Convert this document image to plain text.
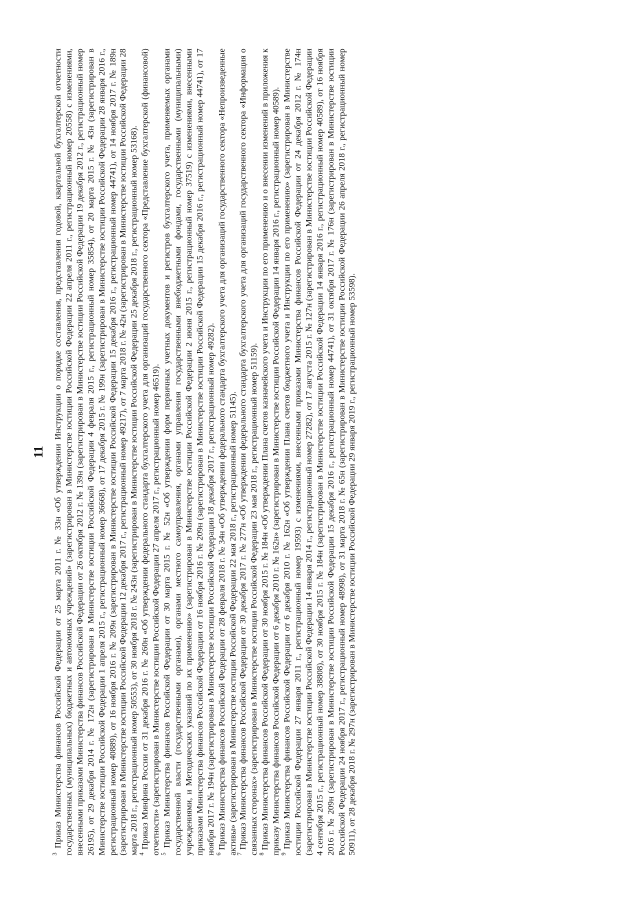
11

$^3$ Приказ Министерства финансов Российской Федерации от 25 марта 2011 г. № 33н «Об утверждении Инструкции о порядке составления, представления годовой, квартальной бухгалтерской отчетности государственных (муниципальных) бюджетных и автономных учреждений» (зарегистрирован в Министерстве юстиции Российской Федерации 22 апреля 2011 г., регистрационный номер 20558) с изменениями, внесенными приказами Министерства финансов Российской Федерации от 26 октября 2012 г. № 139н (зарегистрирован в Министерстве юстиции Российской Федерации 19 декабря 2012 г., регистрационный номер 26195), от 29 декабря 2014 г. № 172н (зарегистрирован в Министерстве юстиции Российской Федерации 4 февраля 2015 г., регистрационный номер 35854), от 20 марта 2015 г. № 43н (зарегистрирован в Министерстве юстиции Российской Федерации 1 апреля 2015 г., регистрационный номер 36668), от 17 декабря 2015 г. № 199н (зарегистрирован в Министерстве юстиции Российской Федерации 28 января 2016 г., регистрационный номер 40889), от 16 ноября 2016 г. № 209н (зарегистрирован в Министерстве юстиции Российской Федерации 15 декабря 2016 г., регистрационный номер 44741), от 14 ноября 2017 г. № 189н (зарегистрирован в Министерстве юстиции Российской Федерации 12 декабря 2017 г., регистрационный номер 49217), от 7 марта 2018 г. № 42н (зарегистрирован в Министерстве юстиции Российской Федерации 28 марта 2018 г., регистрационный номер 50553), от 30 ноября 2018 г. № 243н (зарегистрирован в Министерстве юстиции Российской Федерации 25 декабря 2018 г., регистрационный номер 53168). $^4$ Приказ Минфина России от 31 декабря 2016 г. № 260н «Об утверждении федерального стандарта бухгалтерского учета для организаций государственного сектора «Представление бухгалтерской (финансовой) отчетности» (зарегистрирован в Министерстве юстиции Российской Федерации 27 апреля 2017 г., регистрационный номер 46519). $^5$ Приказ Министерства финансов Российской Федерации от 30 марта 2015 г. № 52н «Об утверждении форм первичных учетных документов и регистров бухгалтерского учета, применяемых органами государственной власти (государственными органами), органами местного самоуправления, органами управления государственными внебюджетными фондами, государственными (муниципальными) учреждениями, и Методических указаний по их применению» (зарегистрирован в Министерстве юстиции Российской Федерации 2 июня 2015 г., регистрационный номер 37519) с изменениями, внесенными приказами Министерства финансов Российской Федерации от 16 ноября 2016 г. № 209н (зарегистрирован в Министерстве юстиции Российской Федерации 15 декабря 2016 г., регистрационный номер 44741), от 17 ноября 2017 г. № 194н (зарегистрирован в Министерстве юстиции Российской Федерации 18 декабря 2017 г., регистрационный номер 49282). $^6$ Приказ Министерства финансов Российской Федерации от 28 февраля 2018 г. № 34н «Об утверждении федерального стандарта бухгалтерского учета для организаций государственного сектора «Непроизведенные активы» (зарегистрирован в Министерстве юстиции Российской Федерации 22 мая 2018 г., регистрационный номер 51145). $^7$ Приказ Министерства финансов Российской Федерации от 30 декабря 2017 г. № 277н «Об утверждении федерального стандарта бухгалтерского учета для организаций государственного сектора «Информация о связанных сторонах» (зарегистрирован в Министерстве юстиции Российской Федерации 23 мая 2018 г., регистрационный номер 51159). $^8$ Приказ Министерства финансов Российской Федерации от 30 ноября 2015 г. № 184н «Об утверждении Плана счетов казначейского учета и Инструкции по его применению и о внесении изменений в приложения к приказу Министерства финансов Российской Федерации от 6 декабря 2010 г. № 162н» (зарегистрирован в Министерстве юстиции Российской Федерации 14 января 2016 г., регистрационный номер 40589). $^9$ Приказ Министерства финансов Российской Федерации от 6 декабря 2010 г. № 162н «Об утверждении Плана счетов бюджетного учета и Инструкции по его применению» (зарегистрирован в Министерстве юстиции Российской Федерации 27 января 2011 г., регистрационный номер 19593) с изменениями, внесенными приказами Министерства финансов Российской Федерации от 24 декабря 2012 г. № 174н (зарегистрирован в Министерстве юстиции Российской Федерации 14 января 2014 г., регистрационный номер 27282), от 17 августа 2015 г. № 127н (зарегистрирован в Министерстве юстиции Российской Федерации 4 сентября 2015 г., регистрационный номер 38808), от 30 ноября 2015 г. № 184н (зарегистрирован в Министерстве юстиции Российской Федерации 14 января 2016 г., регистрационный номер 40589), от 16 ноября 2016 г. № 209н (зарегистрирован в Министерстве юстиции Российской Федерации 15 декабря 2016 г., регистрационный номер 44741), от 31 октября 2017 г. № 176н (зарегистрирован в Министерстве юстиции Российской Федерации 24 ноября 2017 г., регистрационный номер 48998), от 31 марта 2018 г. № 65н (зарегистрирован в Министерстве юстиции Российской Федерации 26 апреля 2018 г., регистрационный номер 50911), от 28 декабря 2018 г. № 297н (зарегистрирован в Министерстве юстиции Российской Федерации 29 января 2019 г., регистрационный номер 53598).
